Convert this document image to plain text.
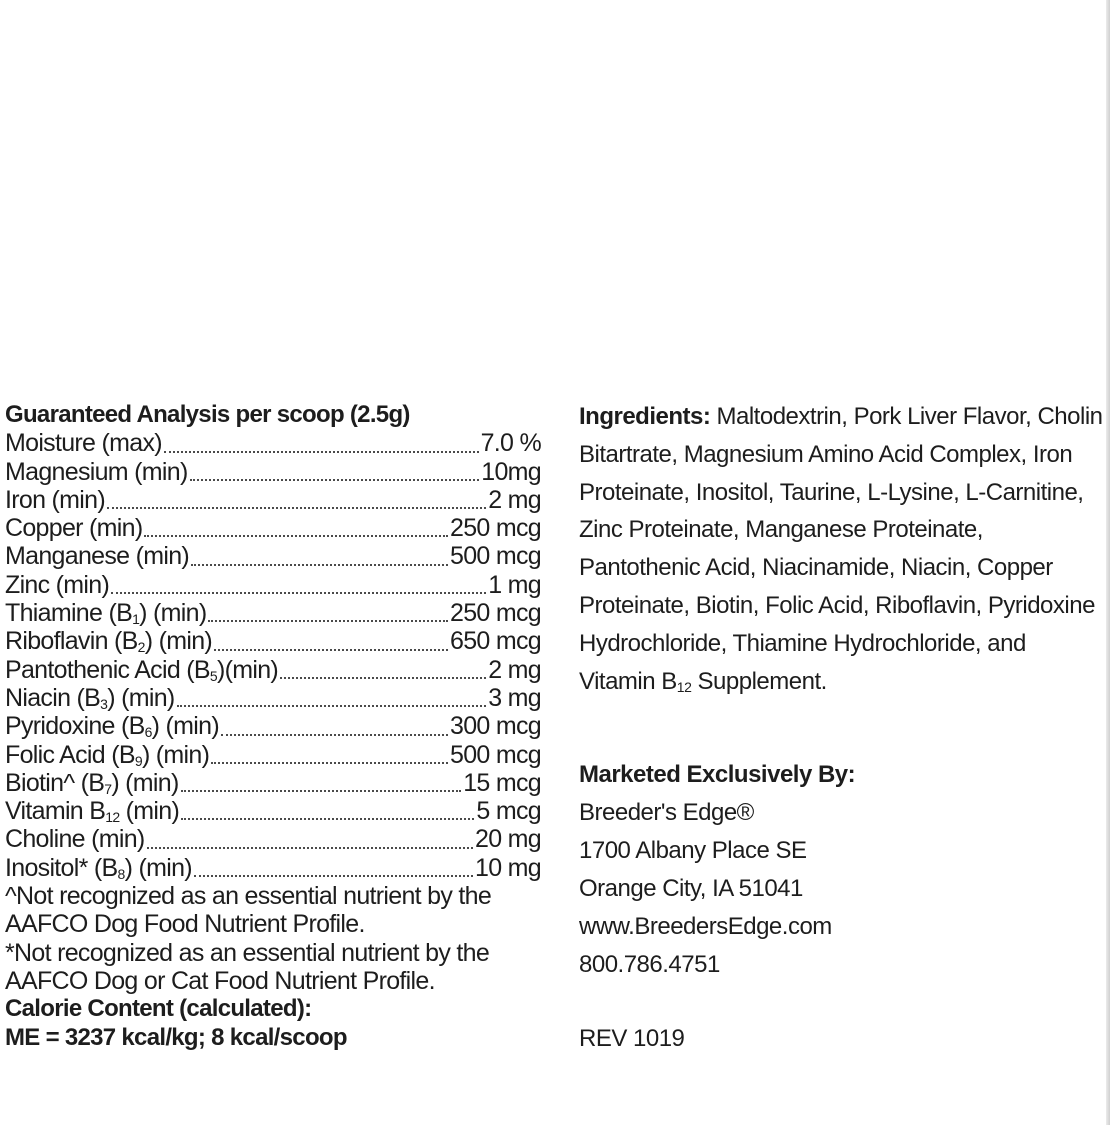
Guaranteed Analysis per scoop (2.5g)
Moisture (max)	7.0 %
Magnesium (min)	10mg
Iron (min)	2 mg
Copper (min)	250 mcg
Manganese (min)	500 mcg
Zinc (min)	1 mg
Thiamine $(B_1)$ (min)	250 mcg
Riboflavin $(B_2)$ (min)	650 mcg
Pantothenic Acid $(B_5)(\min)$	2 mg
Niacin $(B_3)$ (min)	3 mg
Pyridoxine $(B_6)$ (min)	300 mcg
Folic Acid $(B_9)$ (min)	500 mcg
Biotin^ $(B_7)$ (min)	15 mcg
Vitamin $B_{12}$ (min)	5 mcg
Choline (min)	20 mg
Inositol* $(B_8)$ (min)	10 mg
^Not recognized as an essential nutrient by the
AAFCO Dog Food Nutrient Profile.
*Not recognized as an essential nutrient by the
AAFCO Dog or Cat Food Nutrient Profile.
Calorie Content (calculated):
ME = 3237 kcal/kg; 8 kcal/scoop
Ingredients: Maltodextrin, Pork Liver Flavor, Cholin
Bitartrate, Magnesium Amino Acid Complex, Iron
Proteinate, Inositol, Taurine, L-Lysine, L-Carnitine,
Zinc Proteinate, Manganese Proteinate,
Pantothenic Acid, Niacinamide, Niacin, Copper
Proteinate, Biotin, Folic Acid, Riboflavin, Pyridoxine
Hydrochloride, Thiamine Hydrochloride, and
Vitamin $B_{12}$ Supplement.
Marketed Exclusively By:
Breeder's Edge®
1700 Albany Place SE
Orange City, IA 51041
www.BreedersEdge.com
800.786.4751
REV 1019
